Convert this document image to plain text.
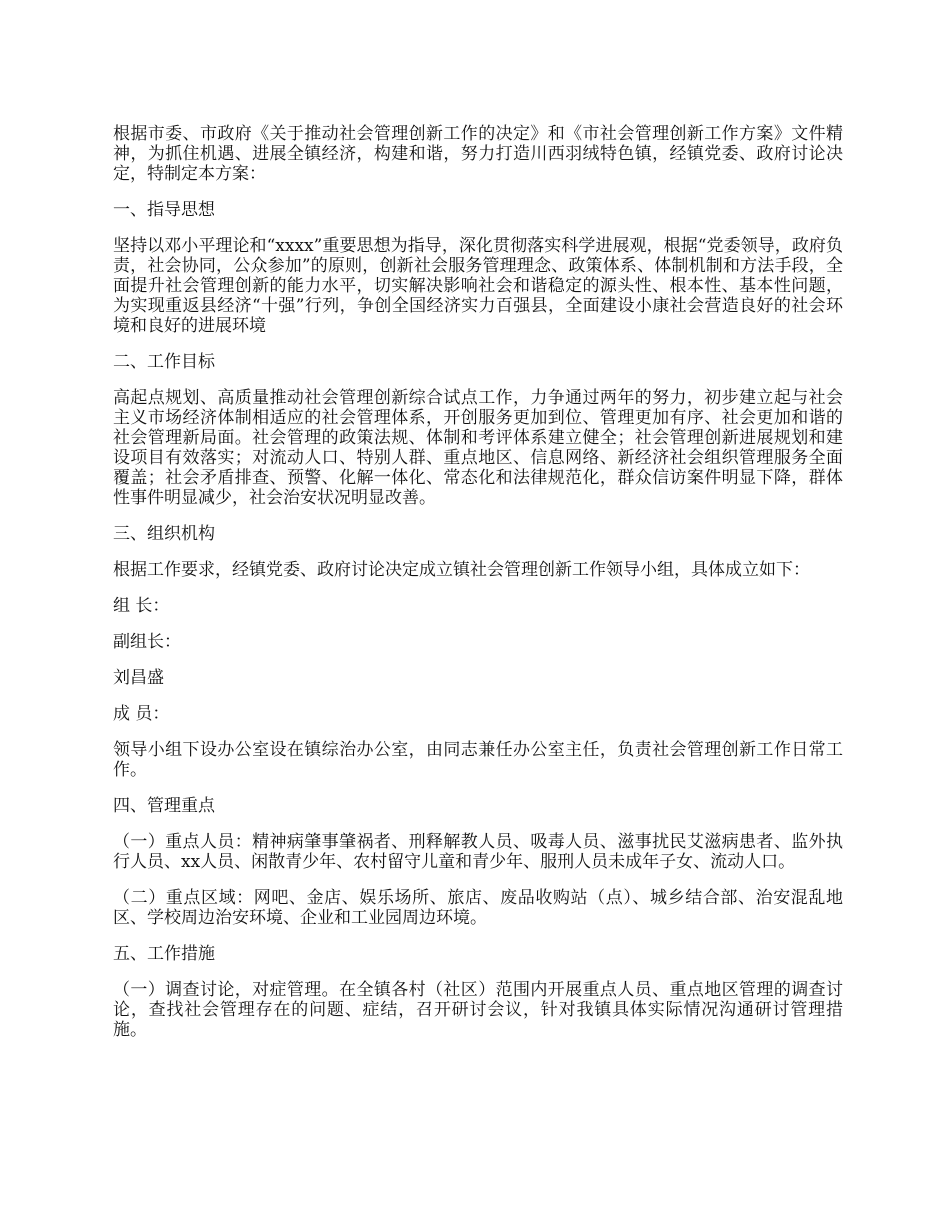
根据市委、市政府《关于推动社会管理创新工作的决定》和《市社会管理创新工作方案》文件精神，为抓住机遇、进展全镇经济，构建和谐，努力打造川西羽绒特色镇，经镇党委、政府讨论决定，特制定本方案：

一、指导思想

坚持以邓小平理论和“xxxx”重要思想为指导，深化贯彻落实科学进展观，根据“党委领导，政府负责，社会协同，公众参加”的原则，创新社会服务管理理念、政策体系、体制机制和方法手段，全面提升社会管理创新的能力水平，切实解决影响社会和谐稳定的源头性、根本性、基本性问题，为实现重返县经济“十强”行列，争创全国经济实力百强县，全面建设小康社会营造良好的社会环境和良好的进展环境

二、工作目标

高起点规划、高质量推动社会管理创新综合试点工作，力争通过两年的努力，初步建立起与社会主义市场经济体制相适应的社会管理体系，开创服务更加到位、管理更加有序、社会更加和谐的社会管理新局面。社会管理的政策法规、体制和考评体系建立健全；社会管理创新进展规划和建设项目有效落实；对流动人口、特别人群、重点地区、信息网络、新经济社会组织管理服务全面覆盖；社会矛盾排查、预警、化解一体化、常态化和法律规范化，群众信访案件明显下降，群体性事件明显减少，社会治安状况明显改善。

三、组织机构

根据工作要求，经镇党委、政府讨论决定成立镇社会管理创新工作领导小组，具体成立如下：

组 长：

副组长：

刘昌盛

成 员：

领导小组下设办公室设在镇综治办公室，由同志兼任办公室主任，负责社会管理创新工作日常工作。

四、管理重点

（一）重点人员：精神病肇事肇祸者、刑释解教人员、吸毒人员、滋事扰民艾滋病患者、监外执行人员、xx人员、闲散青少年、农村留守儿童和青少年、服刑人员未成年子女、流动人口。

（二）重点区域：网吧、金店、娱乐场所、旅店、废品收购站（点）、城乡结合部、治安混乱地区、学校周边治安环境、企业和工业园周边环境。

五、工作措施

（一）调查讨论，对症管理。在全镇各村（社区）范围内开展重点人员、重点地区管理的调查讨论，查找社会管理存在的问题、症结，召开研讨会议，针对我镇具体实际情况沟通研讨管理措施。
